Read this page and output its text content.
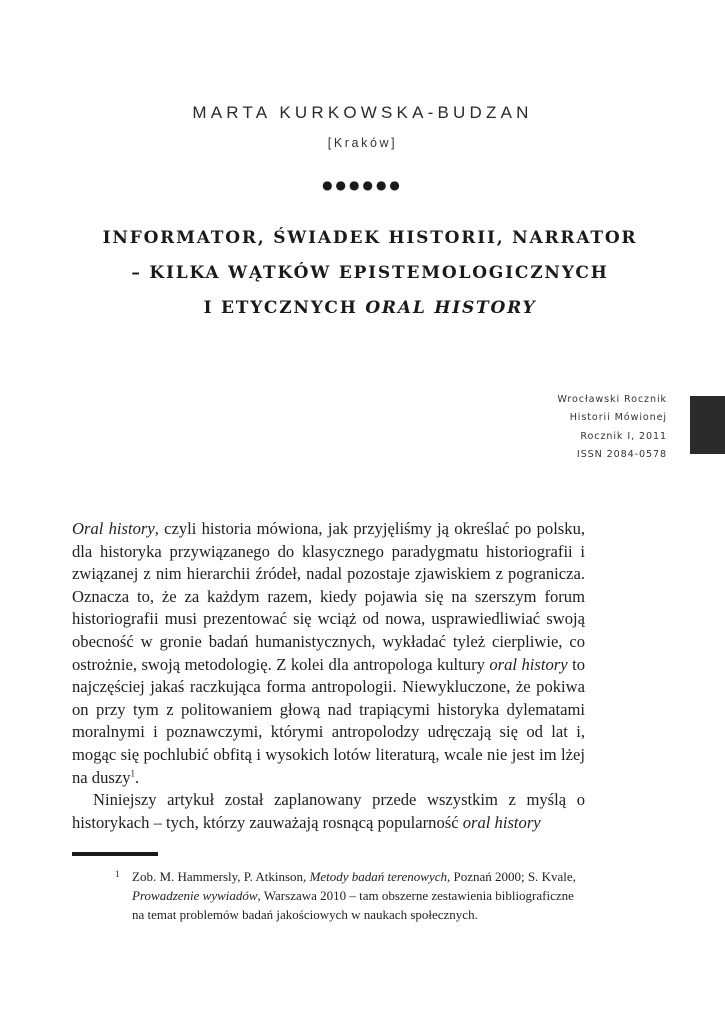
MARTA KURKOWSKA-BUDZAN
[Kraków]
●●●●●●
INFORMATOR, ŚWIADEK HISTORII, NARRATOR
– KILKA WĄTKÓW EPISTEMOLOGICZNYCH
I ETYCZNYCH ORAL HISTORY
Wrocławski Rocznik
Historii Mówionej
Rocznik I, 2011
ISSN 2084-0578

Oral history, czyli historia mówiona, jak przyjęliśmy ją określać po polsku, dla historyka przywiązanego do klasycznego paradygmatu historiografii i związanej z nim hierarchii źródeł, nadal pozostaje zjawiskiem z pogranicza. Oznacza to, że za każdym razem, kiedy pojawia się na szerszym forum historiografii musi prezentować się wciąż od nowa, usprawiedliwiać swoją obecność w gronie badań humanistycznych, wykładać tyleż cierpliwie, co ostrożnie, swoją metodologię. Z kolei dla antropologa kultury oral history to najczęściej jakaś raczkująca forma antropologii. Niewykluczone, że pokiwa on przy tym z politowaniem głową nad trapiącymi historyka dylematami moralnymi i poznawczymi, którymi antropolodzy udręczają się od lat i, mogąc się pochlubić obfitą i wysokich lotów literaturą, wcale nie jest im lżej na duszy$^1$.

Niniejszy artykuł został zaplanowany przede wszystkim z myślą o historykach – tych, którzy zauważają rosnącą popularność oral history

1 Zob. M. Hammersly, P. Atkinson, Metody badań terenowych, Poznań 2000; S. Kvale, Prowadzenie wywiadów, Warszawa 2010 – tam obszerne zestawienia bibliograficzne na temat problemów badań jakościowych w naukach społecznych.
